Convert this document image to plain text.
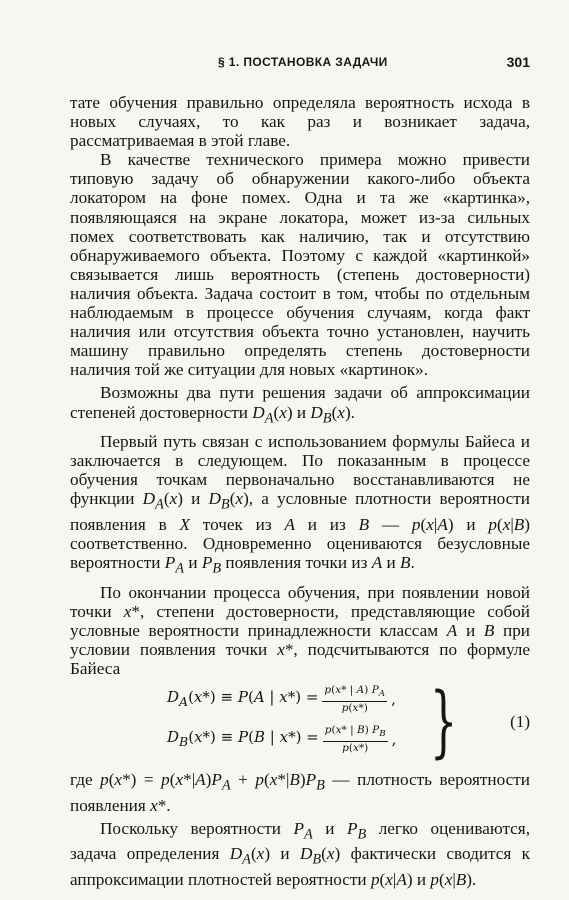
§ 1. ПОСТАНОВКА ЗАДАЧИ	301

тате обучения правильно определяла вероятность исхода в новых случаях, то как раз и возникает задача, рассматриваемая в этой главе.

В качестве технического примера можно привести типовую задачу об обнаружении какого-либо объекта локатором на фоне помех. Одна и та же «картинка», появляющаяся на экране локатора, может из-за сильных помех соответствовать как наличию, так и отсутствию обнаруживаемого объекта. Поэтому с каждой «картинкой» связывается лишь вероятность (степень достоверности) наличия объекта. Задача состоит в том, чтобы по отдельным наблюдаемым в процессе обучения случаям, когда факт наличия или отсутствия объекта точно установлен, научить машину правильно определять степень достоверности наличия той же ситуации для новых «картинок».

Возможны два пути решения задачи об аппроксимации степеней достоверности $D_A(x)$ и $D_B(x)$.

Первый путь связан с использованием формулы Байеса и заключается в следующем. По показанным в процессе обучения точкам первоначально восстанавливаются не функции $D_A(x)$ и $D_B(x)$, а условные плотности вероятности появления в X точек из A и из B — p(x|A) и p(x|B) соответственно. Одновременно оцениваются безусловные вероятности $P_A$ и $P_B$ появления точки из A и B.

По окончании процесса обучения, при появлении новой точки x*, степени достоверности, представляющие собой условные вероятности принадлежности классам A и B при условии появления точки x*, подсчитываются по формуле Байеса

$D_A(x*) \equiv P(A$ | $x*) = \frac{p(x* | A) P_A}{p(x*)}$ ,
$D_B(x*) \equiv P(B$ | $x*) = \frac{p(x* | B) P_B}{p(x*)}$ , }	(1)

где $p(x*) = p(x*|A)P_A + p(x*|B)P_B$ — плотность вероятности появления x*.

Поскольку вероятности $P_A$ и $P_B$ легко оцениваются, задача определения $D_A(x)$ и $D_B(x)$ фактически сводится к аппроксимации плотностей вероятности p(x|A) и p(x|B).
